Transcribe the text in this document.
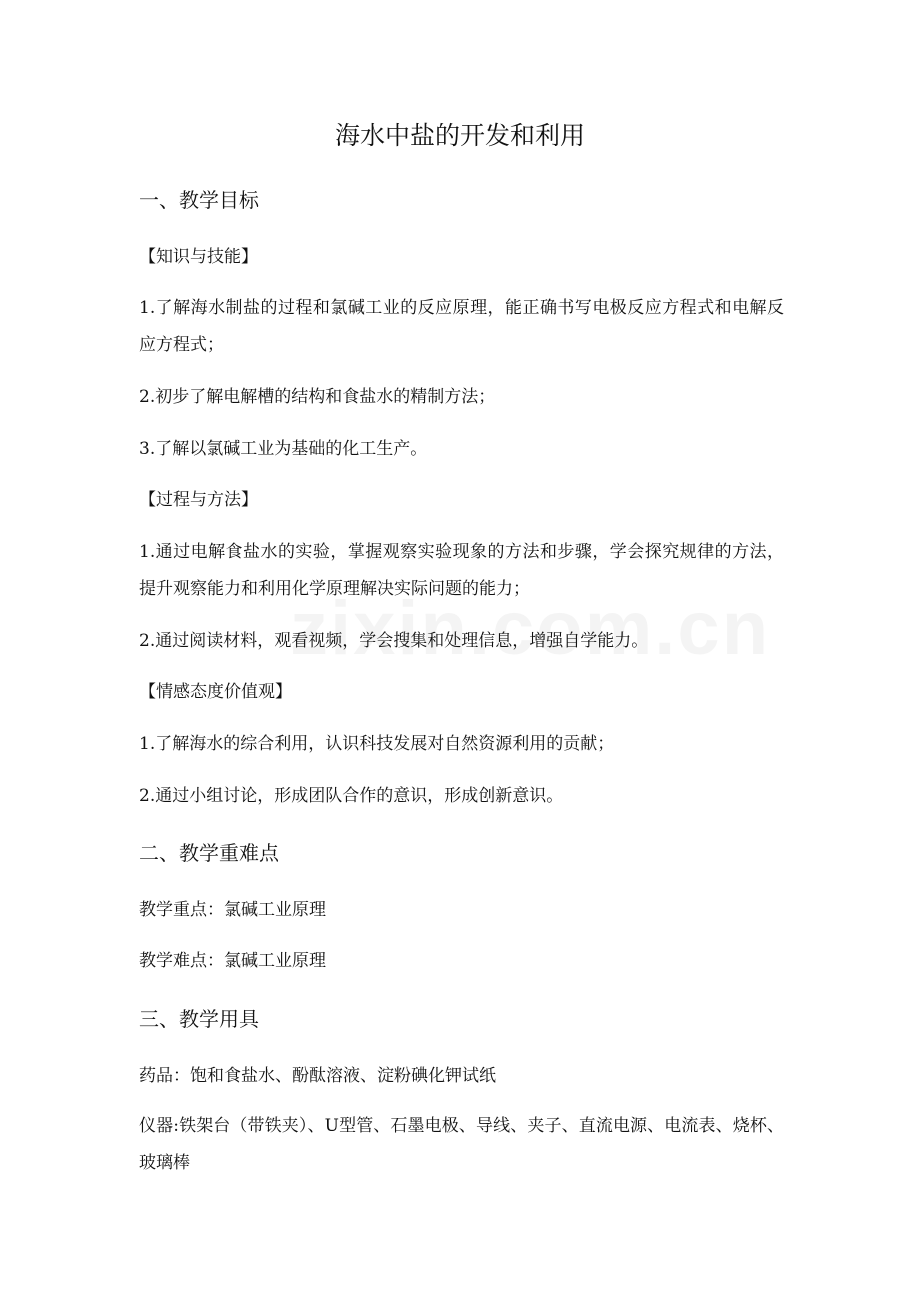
海水中盐的开发和利用
一、教学目标
【知识与技能】
1.了解海水制盐的过程和氯碱工业的反应原理，能正确书写电极反应方程式和电解反应方程式；
2.初步了解电解槽的结构和食盐水的精制方法；
3.了解以氯碱工业为基础的化工生产。
【过程与方法】
1.通过电解食盐水的实验，掌握观察实验现象的方法和步骤，学会探究规律的方法，提升观察能力和利用化学原理解决实际问题的能力；
2.通过阅读材料，观看视频，学会搜集和处理信息，增强自学能力。
【情感态度价值观】
1.了解海水的综合利用，认识科技发展对自然资源利用的贡献；
2.通过小组讨论，形成团队合作的意识，形成创新意识。
二、教学重难点
教学重点：氯碱工业原理
教学难点：氯碱工业原理
三、教学用具
药品：饱和食盐水、酚酞溶液、淀粉碘化钾试纸
仪器:铁架台（带铁夹）、U型管、石墨电极、导线、夹子、直流电源、电流表、烧杯、玻璃棒
